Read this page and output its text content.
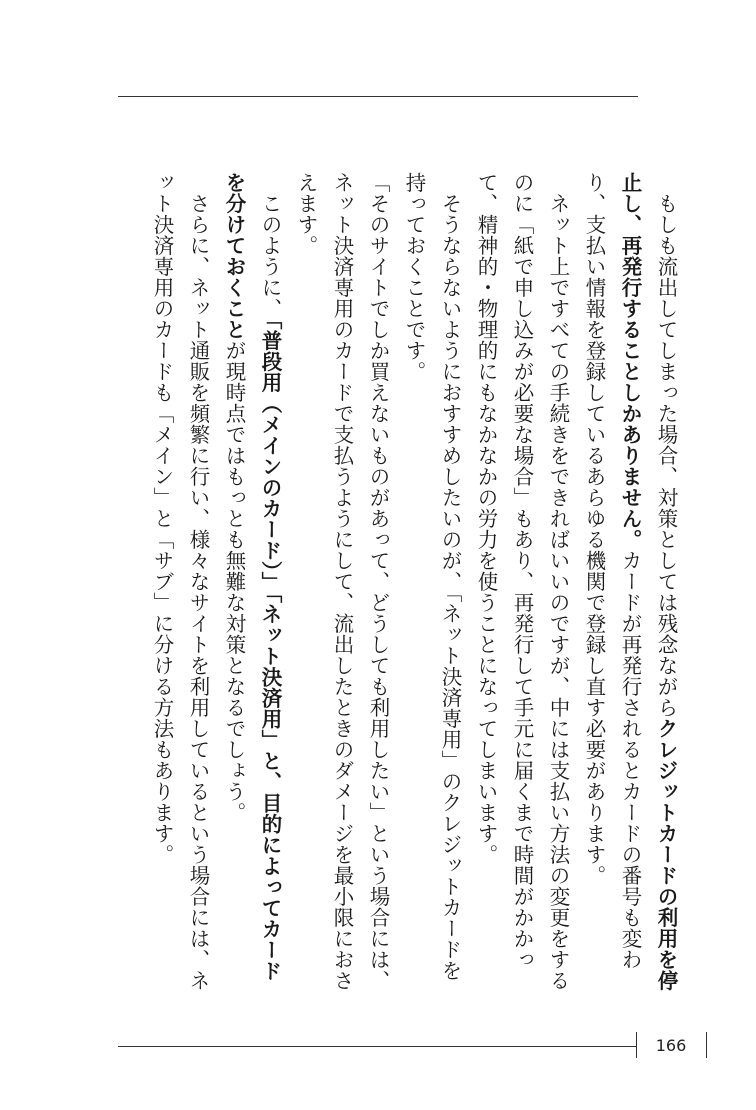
もしも流出してしまった場合、対策としては残念ながらクレジットカードの利用を停止し、再発行することしかありません。カードが再発行されるとカードの番号も変わり、支払い情報を登録しているあらゆる機関で登録し直す必要があります。

ネット上ですべての手続きをできればいいのですが、中には支払い方法の変更をするのに「紙で申し込みが必要な場合」もあり、再発行して手元に届くまで時間がかかって、精神的・物理的にもなかなかの労力を使うことになってしまいます。

そうならないようにおすすめしたいのが、「ネット決済専用」のクレジットカードを持っておくことです。

「そのサイトでしか買えないものがあって、どうしても利用したい」という場合には、ネット決済専用のカードで支払うようにして、流出したときのダメージを最小限におさえます。

このように、「普段用（メインのカード）」「ネット決済用」と、目的によってカードを分けておくことが現時点ではもっとも無難な対策となるでしょう。

さらに、ネット通販を頻繁に行い、様々なサイトを利用しているという場合には、ネット決済専用のカードも「メイン」と「サブ」に分ける方法もあります。

166
